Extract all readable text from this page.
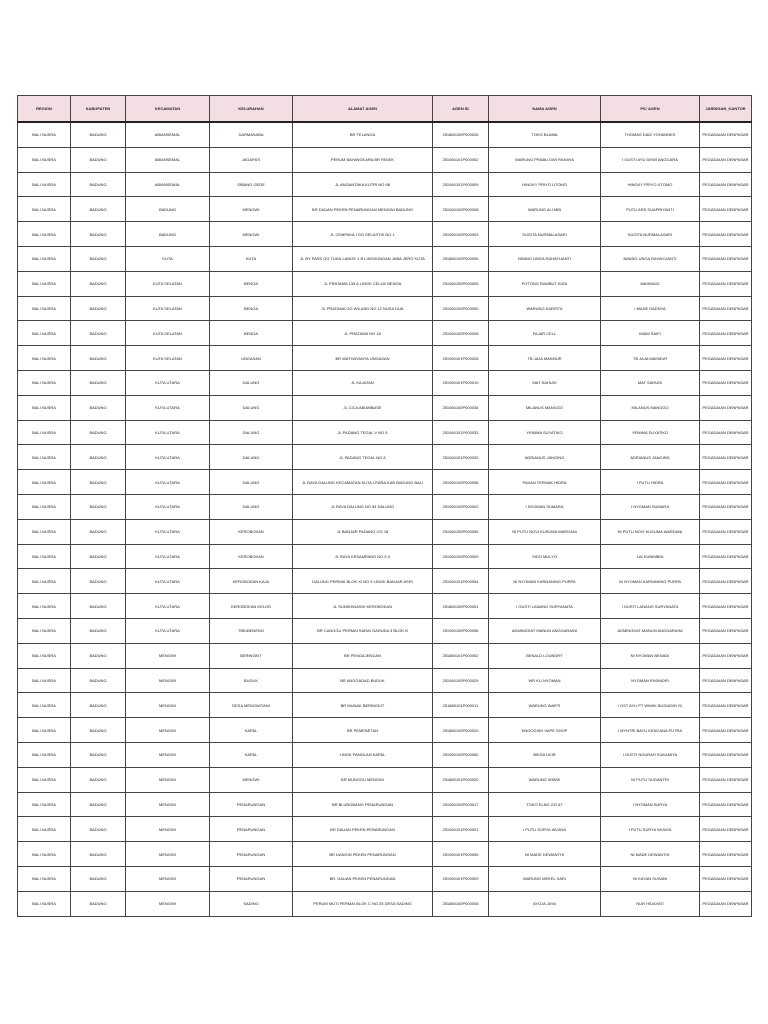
REGION	KABUPATEN	KECAMATAN	KELURAHAN	ALAMAT AGEN	AGEN ID	NAMA AGEN	PIC AGEN	JARINGAN_KANTOR
BALI NUSRA	BADUNG	ABIANSEMAL	DARMASABA	BR TELANGA	251880100P000026	TOKO BLAMA	THOMAS DIAZ YOHANNES	PEGADAIAN DENPASAR
BALI NUSRA	BADUNG	ABIANSEMAL	JAGAPATI	PERUM BAYANGKARA BR PASEK	251060101P000052	WARUNG PRABU DWI RAHAYA	I GUSTI AYU DEWI ANGGARA	PEGADAIAN DENPASAR
BALI NUSRA	BADUNG	ABIANSEMAL	SIBANG GEDE	JL ANGANTAKA KUTRI NO 68	251060101P000009	HINGKY PRIYO UTOMO	HINGKY PRIYO UTOMO	PEGADAIAN DENPASAR
BALI NUSRA	BADUNG	BADUNG	MENGWI	BR DAUAN PEKEN PENARUNGAN MENGWI BADUNG	251060100P000008	WARUNG ALI MIB	PUTU ARS SUAPRIYANTI	PEGADAIAN DENPASAR
BALI NUSRA	BADUNG	BADUNG	MENGWI	JL CEMPAKA I GG SELASTIK NO 1	251060100P000003	SUGITA NURMALASARI	SUGITA NURMALASARI	PEGADAIAN DENPASAR
BALI NUSRA	BADUNG	KUTA	KUTA	JL BY PASS GG TUAN LANGE 1 B LINGKUNGAN JABA JERO KUTA	251880100P000006	NINING UNGA RAHAYUANTI	NINING UNGA RAHAYUANTI	PEGADAIAN DENPASAR
BALI NUSRA	BADUNG	KUTA SELATAN	BENOA	JL PRATAMA 139 A LINGK CELUK BENOA	251060100P000005	POTONG RAMBUT KUDI	MAHMUDI	PEGADAIAN DENPASAR
BALI NUSRA	BADUNG	KUTA SELATAN	BENOA	JL PRATAMA GG WILAND NO 12 NUSA DUA	251060100P000050	WARUNG KARISTA	I MADE RADNYA	PEGADAIAN DENPASAR
BALI NUSRA	BADUNG	KUTA SELATAN	BENOA	JL PRATAMA NO 18	251060100P000008	FAJAR CELL	IMAM SAIFI	PEGADAIAN DENPASAR
BALI NUSRA	BADUNG	KUTA SELATAN	UNGASAN	BR WATHAYANYA UNGASAN	251060101P000028	TB JAJA MAKMUR	TB JAJA MAKMUR	PEGADAIAN DENPASAR
BALI NUSRA	BADUNG	KUTA UTARA	DALUNG	JL KAJATAN	251060101P000010	MAT SAHUDI	MAT SAHUDI	PEGADAIAN DENPASAR
BALI NUSRA	BADUNG	KUTA UTARA	DALUNG	JL CICA ABIANBASE	251060100P000036	MILANUS MANGGO	MILANUS MANGGO	PEGADAIAN DENPASAR
BALI NUSRA	BADUNG	KUTA UTARA	DALUNG	JL PADANG TEGAL V NO 5	251060101P000033	YEMIMA SUYATIKO	YEMIMA SUYATIKO	PEGADAIAN DENPASAR
BALI NUSRA	BADUNG	KUTA UTARA	DALUNG	JL PADANG TEGAL NO 8	251060101P000030	ADRIANUS JANGING	ADRIANUS JANGING	PEGADAIAN DENPASAR
BALI NUSRA	BADUNG	KUTA UTARA	DALUNG	JL RAYA DALUNG KECAMATAN KUTA UTARA KAB BADUNG BALI	251060100P000058	PAKAN TERNAK HIDRA	I PUTU HIDRA	PEGADAIAN DENPASAR
BALI NUSRA	BADUNG	KUTA UTARA	DALUNG	JL RAYA DALUNG NO 54 DALUNG	251060100P000002	I NYOMAN SUMARA	I NYOMAN SUMARA	PEGADAIAN DENPASAR
BALI NUSRA	BADUNG	KUTA UTARA	KEROBOKAN	JL BANJAR PADANG GG 18	251060100P000055	NI PUTU NOVI KUSUMA WARDANI	NI PUTU NOVI KUSUMA WARDANI	PEGADAIAN DENPASAR
BALI NUSRA	BADUNG	KUTA UTARA	KEROBOKAN	JL RAYA KESAMPANG NO 5 X	251060100P000009	SIDO MULYO	LAI KUNIMBIN	PEGADAIAN DENPASAR
BALI NUSRA	BADUNG	KUTA UTARA	KEROBOKAN KAJA	DALUNG PERMAI BLOK XI NO 9 LINGK.BANJAR ASRI	251060101P000054	NI NYOMAN KARNANING PURPA	NI NYOMAN KARNANING PURPA	PEGADAIAN DENPASAR
BALI NUSRA	BADUNG	KUTA UTARA	KEROBOKAN KELOD	JL SUNSHINASIH KEROBOKAN	251880100P000051	I GUSTI LANANG SURYANATA	I GUSTI LANANG SURYANATA	PEGADAIAN DENPASAR
BALI NUSRA	BADUNG	KUTA UTARA	TIBUBENENG	BR CANGGU PERMAI SARAI GARUDA 3 BLOK B	251060100P000056	ADMINGKAT MANUN ANGGARAINI	ADMINGKAT MANUN ANGGARAINI	PEGADAIAN DENPASAR
BALI NUSRA	BADUNG	MENGWI	BERINGKIT	BR PENGAJENGAN	251880101P000052	BENALD LOUNDRY	NI NYOMAN BENADI	PEGADAIAN DENPASAR
BALI NUSRA	BADUNG	MENGWI	BUDUK	BR ANGGADAD BUDUK	251060100P000029	WR KU NYOMAN	NYOMAN RIVANDRI	PEGADAIAN DENPASAR
BALI NUSRA	BADUNG	MENGWI	DESA MENGWITANI	BR MUNAK BERINGKIT	251880101P000011	WARUNG WARTI	I GST AYU PT WIWIK BUDIASIH GI	PEGADAIAN DENPASAR
BALI NUSRA	BADUNG	MENGWI	KAPAL	BR PEMEBETAN	251880100P000020	KNOOGISH VAPE SHOP	I MYNTRI BAYU KENCANA PUTRA	PEGADAIAN DENPASAR
BALI NUSRA	BADUNG	MENGWI	KAPAL	LINGK PANGLAN KAPAL	251060100P000060	BIKSA UKIR	I GUSTI NGURAH SUKAMIYA	PEGADAIAN DENPASAR
BALI NUSRA	BADUNG	MENGWI	MENGWI	BR MUNGGU MENGWI	251880101P000020	WARUNG WIWIK	NI PUTU SUGANTRI	PEGADAIAN DENPASAR
BALI NUSRA	BADUNG	MENGWI	PENARUNGAN	BR BLUNGBANG PENARUNGAN	251060100P000017	TOKO ELNG GG 67	I NYOMAN SURYA	PEGADAIAN DENPASAR
BALI NUSRA	BADUNG	MENGWI	PENARUNGAN	BR DAUAN PEKEN PENARUNGAN	251060101P000001	I PUTU SURYA WIJAYA	I PUTU SURYA WIJAYA	PEGADAIAN DENPASAR
BALI NUSRA	BADUNG	MENGWI	PENARUNGAN	BR DANGIN PEKEN PENARUNGAN	251060101P000055	NI MADE DEWANTHI	NI MADE DEWANTHI	PEGADAIAN DENPASAR
BALI NUSRA	BADUNG	MENGWI	PENARUNGAN	BR. DAUAN PEKEN PENARUNGAN	251060101P000009	WARUNG MEKEL SARI	NI KAYAN SUSANI	PEGADAIAN DENPASAR
BALI NUSRA	BADUNG	MENGWI	SADING	PERUM MUTI PERMAI BLOK C NO 25 DESA SADING	251880100P000008	AYOJA JAYA	NUR HIDAYATI	PEGADAIAN DENPASAR
